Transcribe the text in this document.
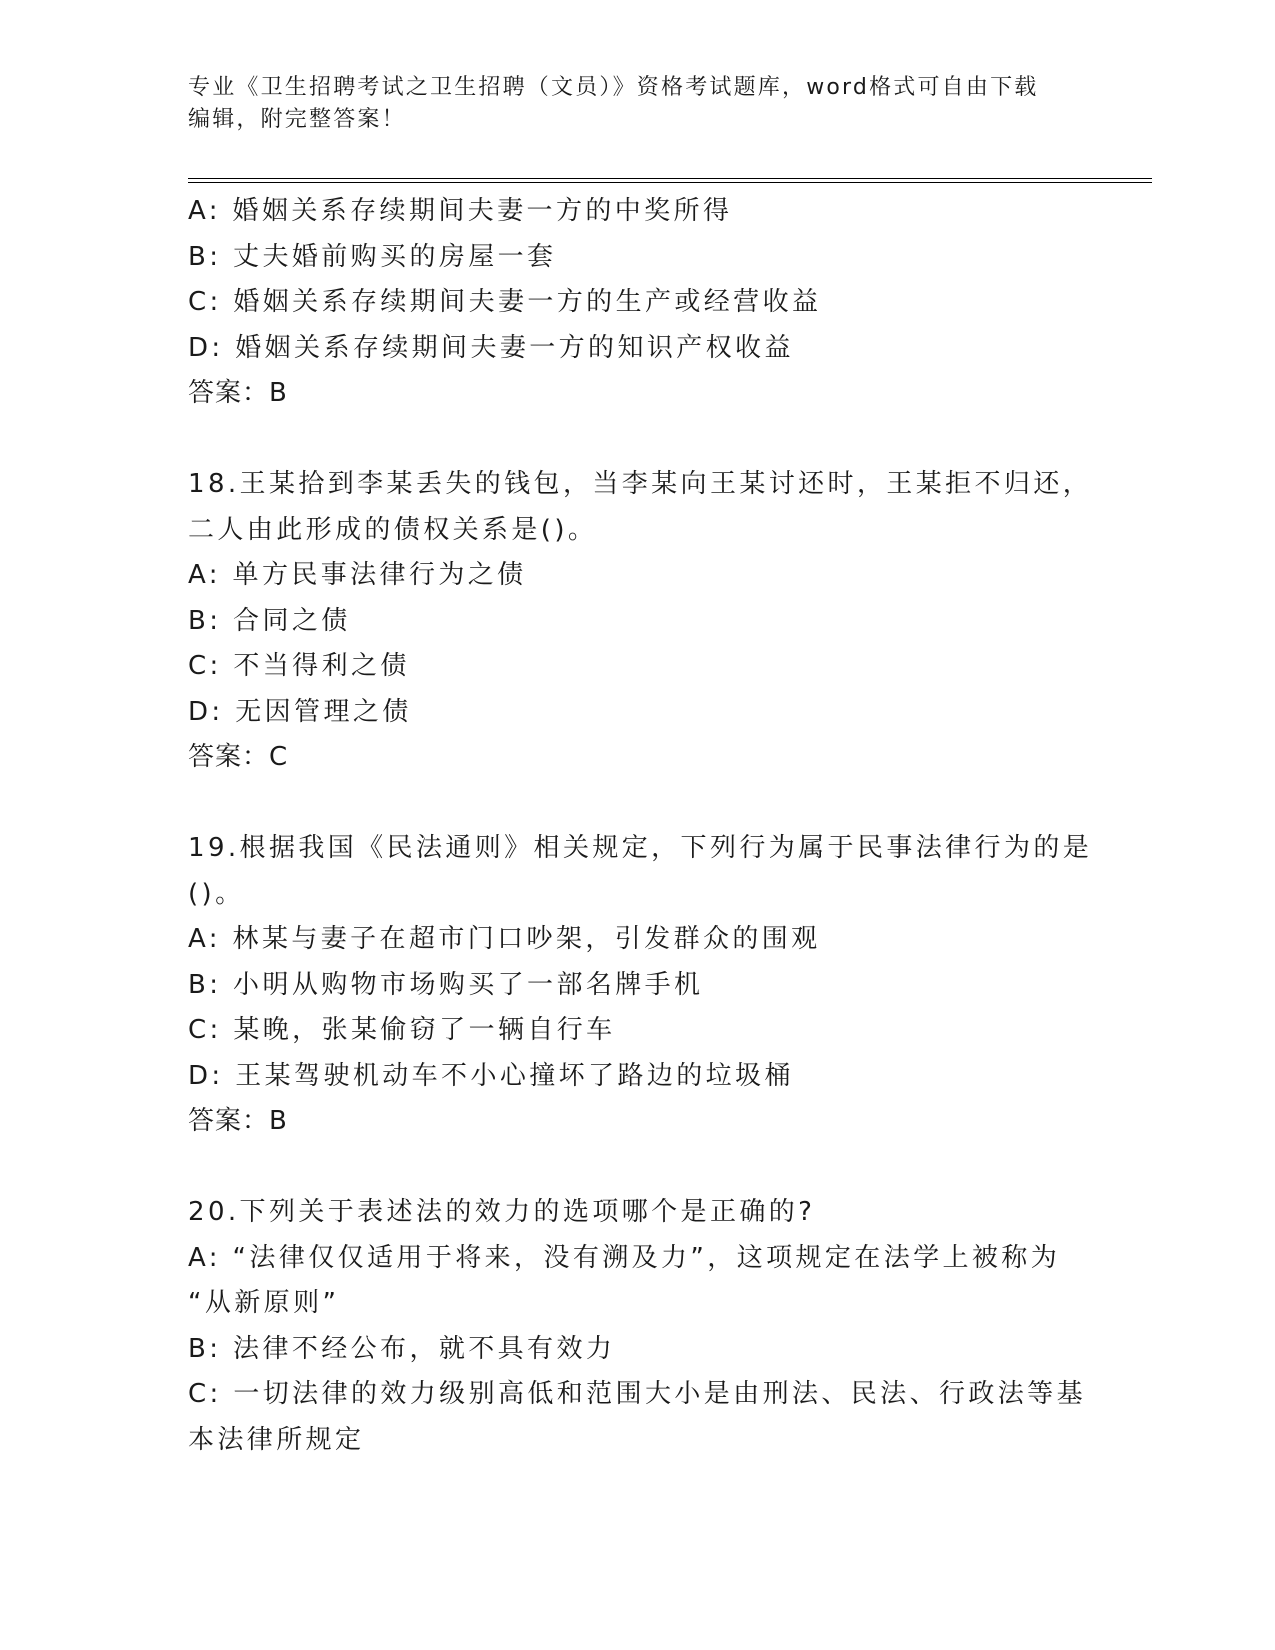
专业《卫生招聘考试之卫生招聘（文员）》资格考试题库，word格式可自由下载
编辑，附完整答案！
A: 婚姻关系存续期间夫妻一方的中奖所得
B: 丈夫婚前购买的房屋一套
C: 婚姻关系存续期间夫妻一方的生产或经营收益
D: 婚姻关系存续期间夫妻一方的知识产权收益
答案：B
18.王某拾到李某丢失的钱包，当李某向王某讨还时，王某拒不归还，
二人由此形成的债权关系是()。
A: 单方民事法律行为之债
B: 合同之债
C: 不当得利之债
D: 无因管理之债
答案：C
19.根据我国《民法通则》相关规定，下列行为属于民事法律行为的是
()。
A: 林某与妻子在超市门口吵架，引发群众的围观
B: 小明从购物市场购买了一部名牌手机
C: 某晚，张某偷窃了一辆自行车
D: 王某驾驶机动车不小心撞坏了路边的垃圾桶
答案：B
20.下列关于表述法的效力的选项哪个是正确的?
A: “法律仅仅适用于将来，没有溯及力”，这项规定在法学上被称为
“从新原则”
B: 法律不经公布，就不具有效力
C: 一切法律的效力级别高低和范围大小是由刑法、民法、行政法等基
本法律所规定
